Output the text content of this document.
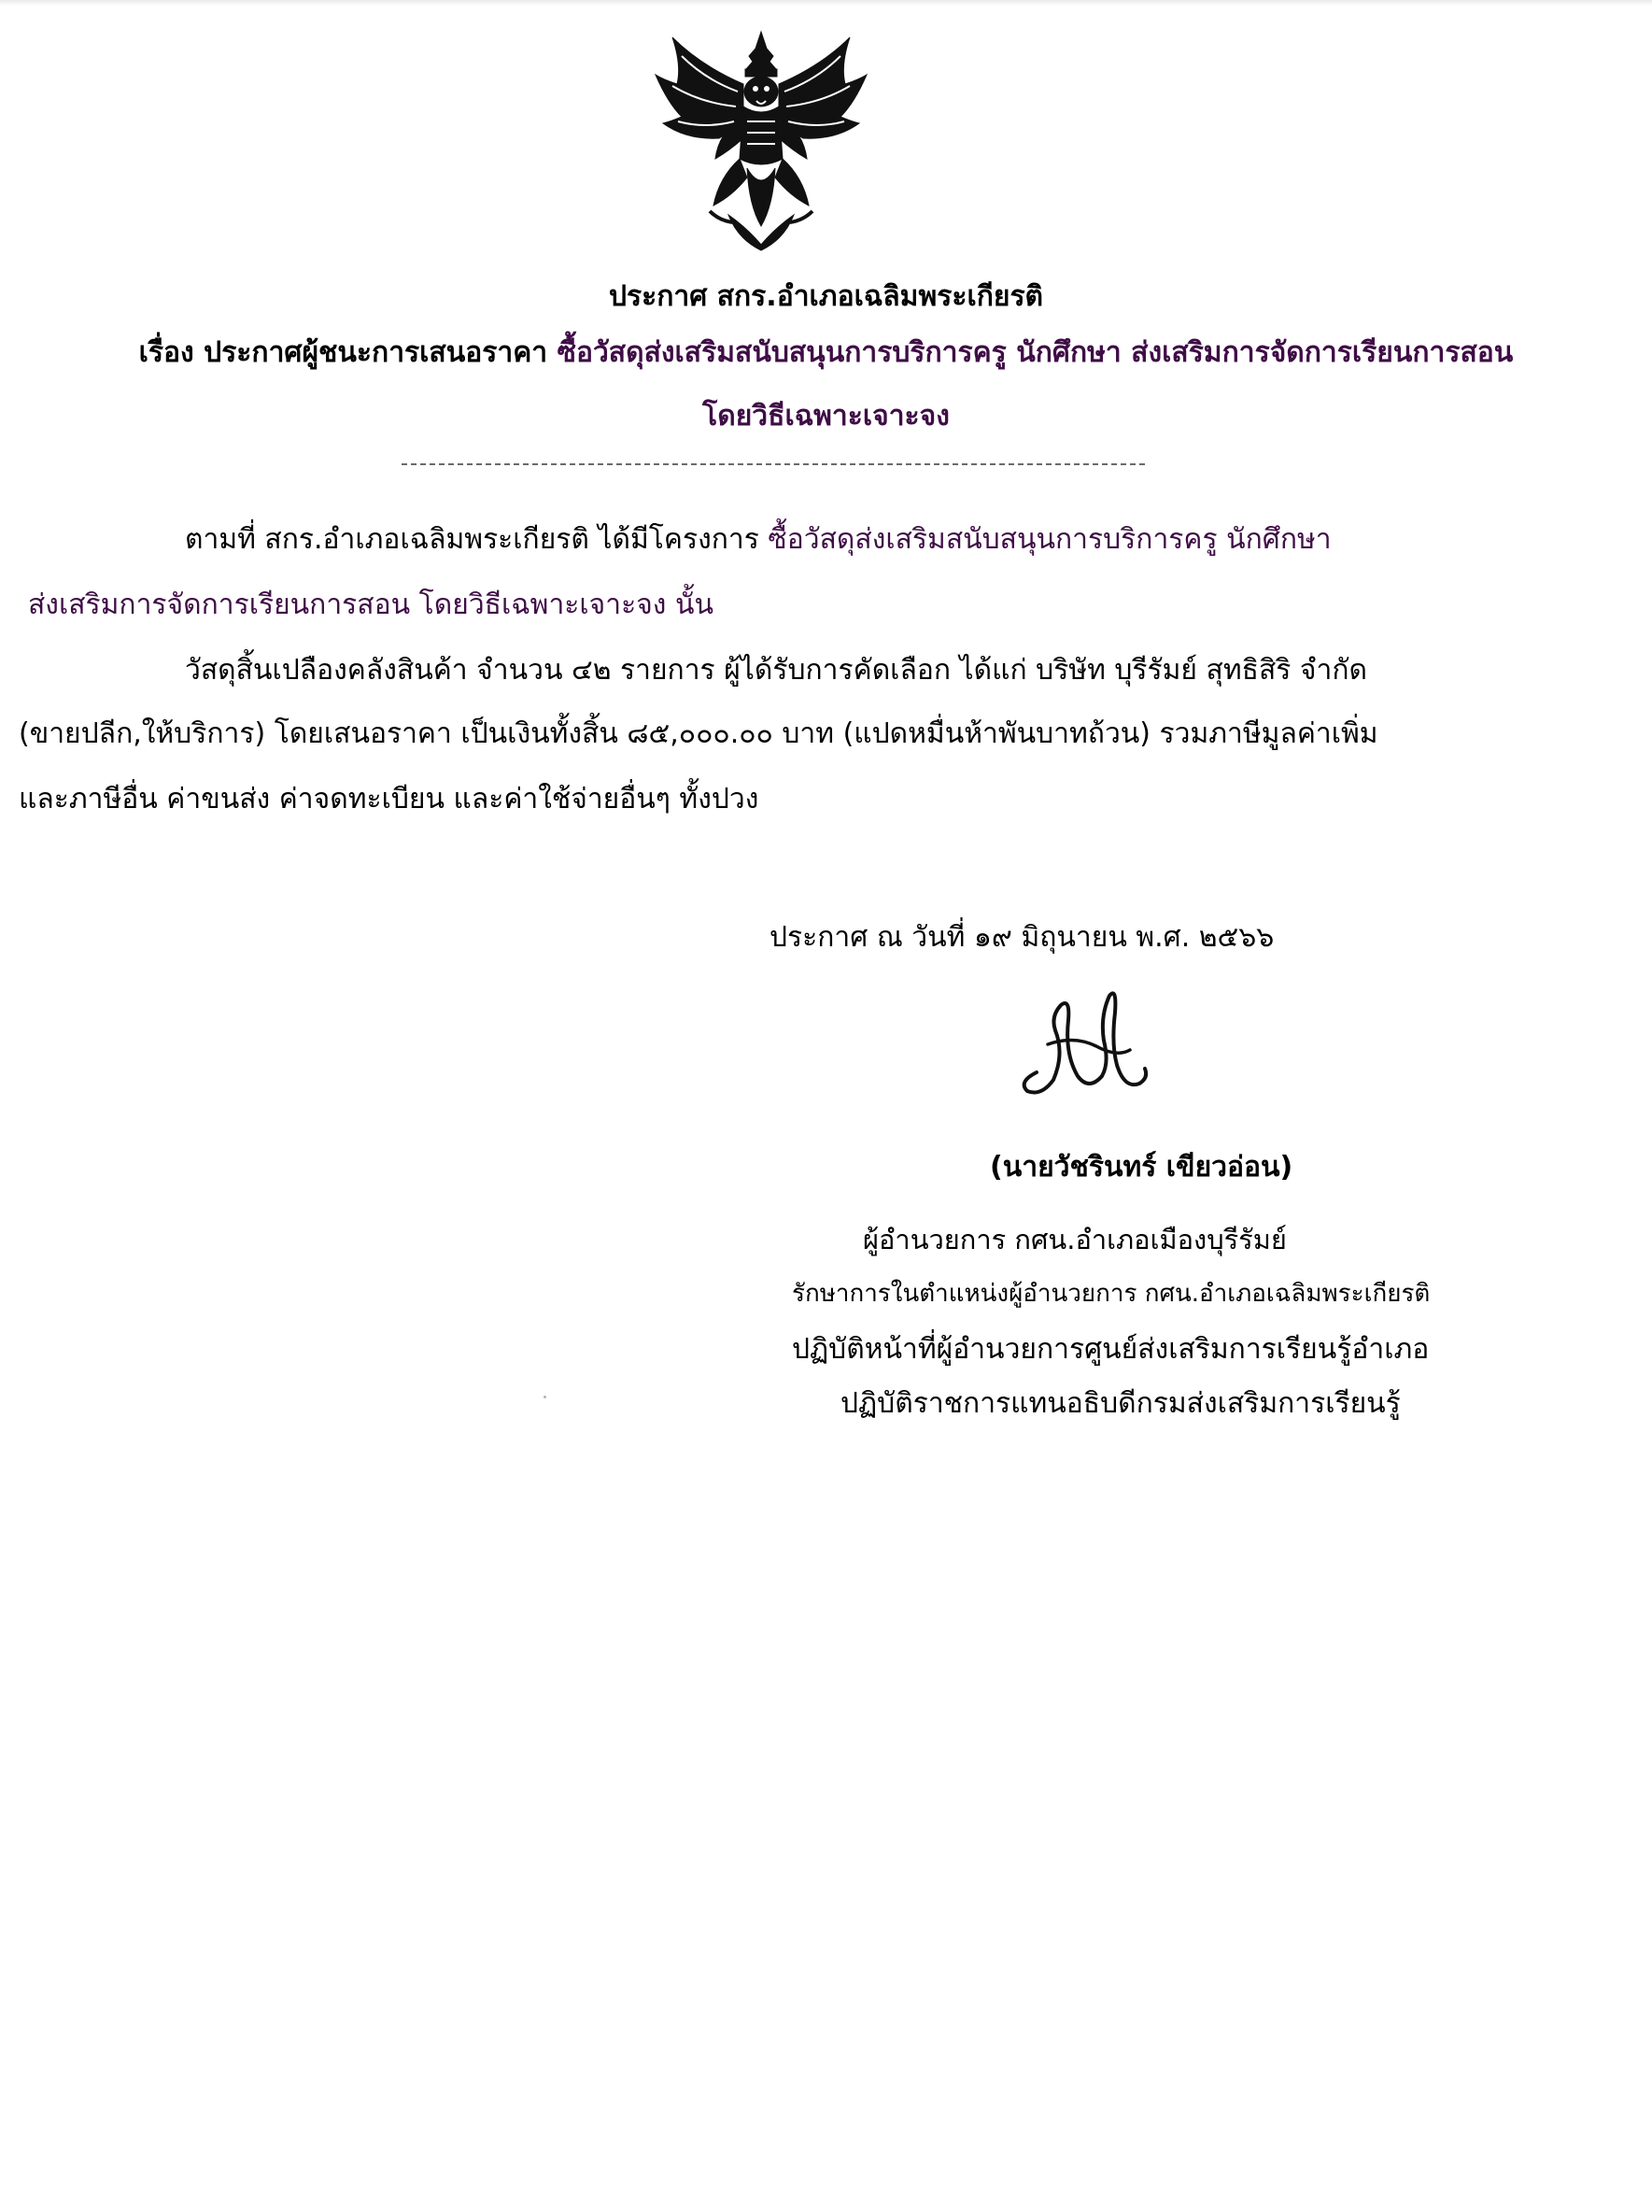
ประกาศ สกร.อำเภอเฉลิมพระเกียรติ
เรื่อง ประกาศผู้ชนะการเสนอราคา ซื้อวัสดุส่งเสริมสนับสนุนการบริการครู นักศึกษา ส่งเสริมการจัดการเรียนการสอน
โดยวิธีเฉพาะเจาะจง
ตามที่ สกร.อำเภอเฉลิมพระเกียรติ ได้มีโครงการ ซื้อวัสดุส่งเสริมสนับสนุนการบริการครู นักศึกษา
ส่งเสริมการจัดการเรียนการสอน โดยวิธีเฉพาะเจาะจง นั้น
วัสดุสิ้นเปลืองคลังสินค้า จำนวน ๔๒ รายการ ผู้ได้รับการคัดเลือก ได้แก่ บริษัท บุรีรัมย์ สุทธิสิริ จำกัด
(ขายปลีก,ให้บริการ) โดยเสนอราคา เป็นเงินทั้งสิ้น ๘๕,๐๐๐.๐๐ บาท (แปดหมื่นห้าพันบาทถ้วน) รวมภาษีมูลค่าเพิ่ม
และภาษีอื่น ค่าขนส่ง ค่าจดทะเบียน และค่าใช้จ่ายอื่นๆ ทั้งปวง
ประกาศ ณ วันที่ ๑๙ มิถุนายน พ.ศ. ๒๕๖๖
(นายวัชรินทร์ เขียวอ่อน)
ผู้อำนวยการ กศน.อำเภอเมืองบุรีรัมย์
รักษาการในตำแหน่งผู้อำนวยการ กศน.อำเภอเฉลิมพระเกียรติ
ปฏิบัติหน้าที่ผู้อำนวยการศูนย์ส่งเสริมการเรียนรู้อำเภอ
ปฏิบัติราชการแทนอธิบดีกรมส่งเสริมการเรียนรู้
